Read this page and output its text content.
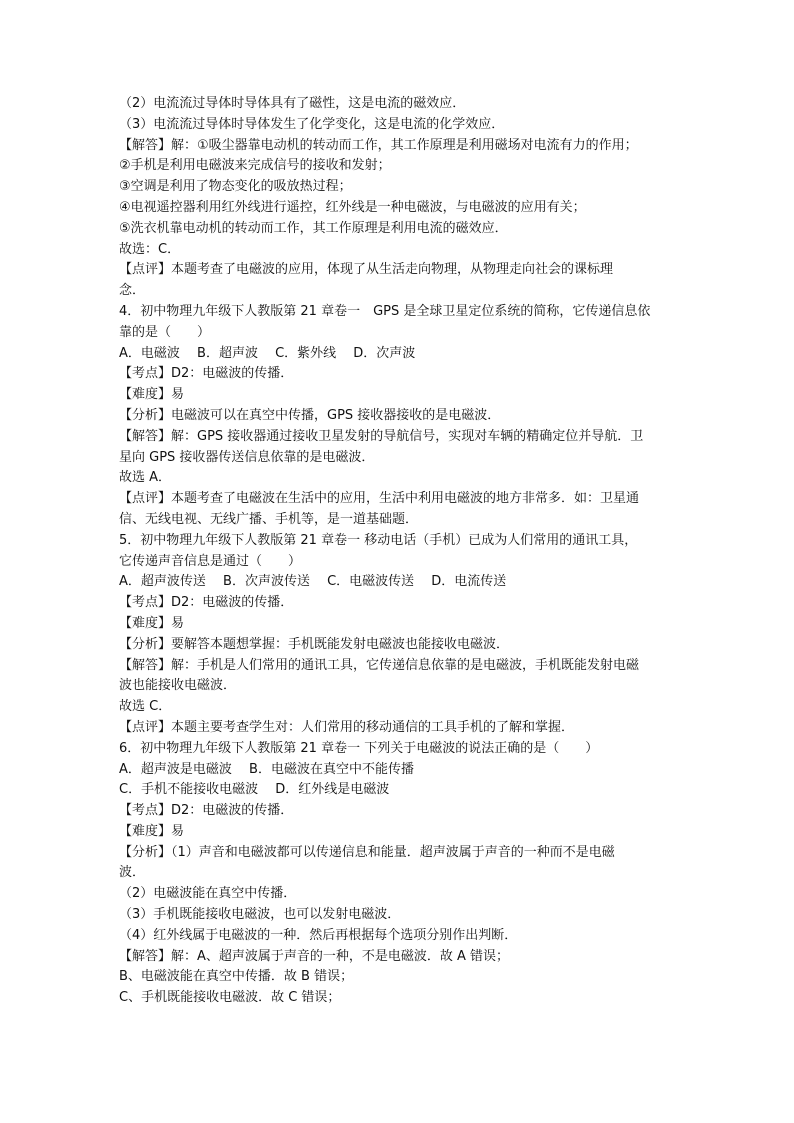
（2）电流流过导体时导体具有了磁性，这是电流的磁效应．
（3）电流流过导体时导体发生了化学变化，这是电流的化学效应．
【解答】解：①吸尘器靠电动机的转动而工作，其工作原理是利用磁场对电流有力的作用；
②手机是利用电磁波来完成信号的接收和发射；
③空调是利用了物态变化的吸放热过程；
④电视遥控器利用红外线进行遥控，红外线是一种电磁波，与电磁波的应用有关；
⑤洗衣机靠电动机的转动而工作，其工作原理是利用电流的磁效应．
故选：C．
【点评】本题考查了电磁波的应用，体现了从生活走向物理，从物理走向社会的课标理
念．
4．初中物理九年级下人教版第 21 章卷一　GPS 是全球卫星定位系统的简称，它传递信息依
靠的是（　　）
A．电磁波　 B．超声波　 C．紫外线　 D．次声波
【考点】D2：电磁波的传播．
【难度】易
【分析】电磁波可以在真空中传播，GPS 接收器接收的是电磁波．
【解答】解：GPS 接收器通过接收卫星发射的导航信号，实现对车辆的精确定位并导航．卫
星向 GPS 接收器传送信息依靠的是电磁波．
故选 A．
【点评】本题考查了电磁波在生活中的应用，生活中利用电磁波的地方非常多．如：卫星通
信、无线电视、无线广播、手机等，是一道基础题．
5．初中物理九年级下人教版第 21 章卷一 移动电话（手机）已成为人们常用的通讯工具，
它传递声音信息是通过（　　）
A．超声波传送　 B．次声波传送　 C．电磁波传送　 D．电流传送
【考点】D2：电磁波的传播．
【难度】易
【分析】要解答本题想掌握：手机既能发射电磁波也能接收电磁波．
【解答】解：手机是人们常用的通讯工具，它传递信息依靠的是电磁波，手机既能发射电磁
波也能接收电磁波．
故选 C．
【点评】本题主要考查学生对：人们常用的移动通信的工具手机的了解和掌握．
6．初中物理九年级下人教版第 21 章卷一 下列关于电磁波的说法正确的是（　　）
A．超声波是电磁波　 B．电磁波在真空中不能传播
C．手机不能接收电磁波　 D．红外线是电磁波
【考点】D2：电磁波的传播．
【难度】易
【分析】（1）声音和电磁波都可以传递信息和能量．超声波属于声音的一种而不是电磁
波．
（2）电磁波能在真空中传播．
（3）手机既能接收电磁波，也可以发射电磁波．
（4）红外线属于电磁波的一种．然后再根据每个选项分别作出判断．
【解答】解：A、超声波属于声音的一种，不是电磁波．故 A 错误；
B、电磁波能在真空中传播．故 B 错误；
C、手机既能接收电磁波．故 C 错误；
